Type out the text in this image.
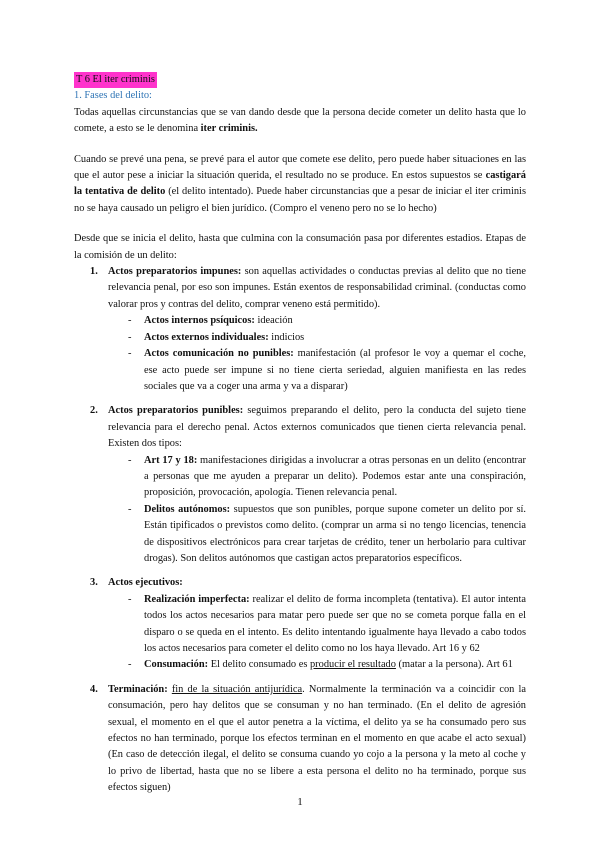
T 6 El iter criminis

1. Fases del delito:

Todas aquellas circunstancias que se van dando desde que la persona decide cometer un delito hasta que lo comete, a esto se le denomina iter criminis.

Cuando se prevé una pena, se prevé para el autor que comete ese delito, pero puede haber situaciones en las que el autor pese a iniciar la situación querida, el resultado no se produce. En estos supuestos se castigará la tentativa de delito (el delito intentado). Puede haber circunstancias que a pesar de iniciar el iter criminis no se haya causado un peligro el bien jurídico. (Compro el veneno pero no se lo hecho)

Desde que se inicia el delito, hasta que culmina con la consumación pasa por diferentes estadios. Etapas de la comisión de un delito:

1. Actos preparatorios impunes: son aquellas actividades o conductas previas al delito que no tiene relevancia penal, por eso son impunes. Están exentos de responsabilidad criminal. (conductas como valorar pros y contras del delito, comprar veneno está permitido).
- Actos internos psíquicos: ideación
- Actos externos individuales: indicios
- Actos comunicación no punibles: manifestación (al profesor le voy a quemar el coche, ese acto puede ser impune si no tiene cierta seriedad, alguien manifiesta en las redes sociales que va a coger una arma y va a disparar)
2. Actos preparatorios punibles: seguimos preparando el delito, pero la conducta del sujeto tiene relevancia para el derecho penal. Actos externos comunicados que tienen cierta relevancia penal. Existen dos tipos:
- Art 17 y 18: manifestaciones dirigidas a involucrar a otras personas en un delito (encontrar a personas que me ayuden a preparar un delito). Podemos estar ante una conspiración, proposición, provocación, apología. Tienen relevancia penal.
- Delitos autónomos: supuestos que son punibles, porque supone cometer un delito por sí. Están tipificados o previstos como delito. (comprar un arma si no tengo licencias, tenencia de dispositivos electrónicos para crear tarjetas de crédito, tener un herbolario para cultivar drogas). Son delitos autónomos que castigan actos preparatorios específicos.
3. Actos ejecutivos:
- Realización imperfecta: realizar el delito de forma incompleta (tentativa). El autor intenta todos los actos necesarios para matar pero puede ser que no se cometa porque falla en el disparo o se queda en el intento. Es delito intentando igualmente haya llevado a cabo todos los actos necesarios para cometer el delito como no los haya llevado. Art 16 y 62
- Consumación: El delito consumado es producir el resultado (matar a la persona). Art 61
4. Terminación: fin de la situación antijurídica. Normalmente la terminación va a coincidir con la consumación, pero hay delitos que se consuman y no han terminado. (En el delito de agresión sexual, el momento en el que el autor penetra a la víctima, el delito ya se ha consumado pero sus efectos no han terminado, porque los efectos terminan en el momento en que acabe el acto sexual) (En caso de detección ilegal, el delito se consuma cuando yo cojo a la persona y la meto al coche y lo privo de libertad, hasta que no se libere a esta persona el delito no ha terminado, porque sus efectos siguen)
1
